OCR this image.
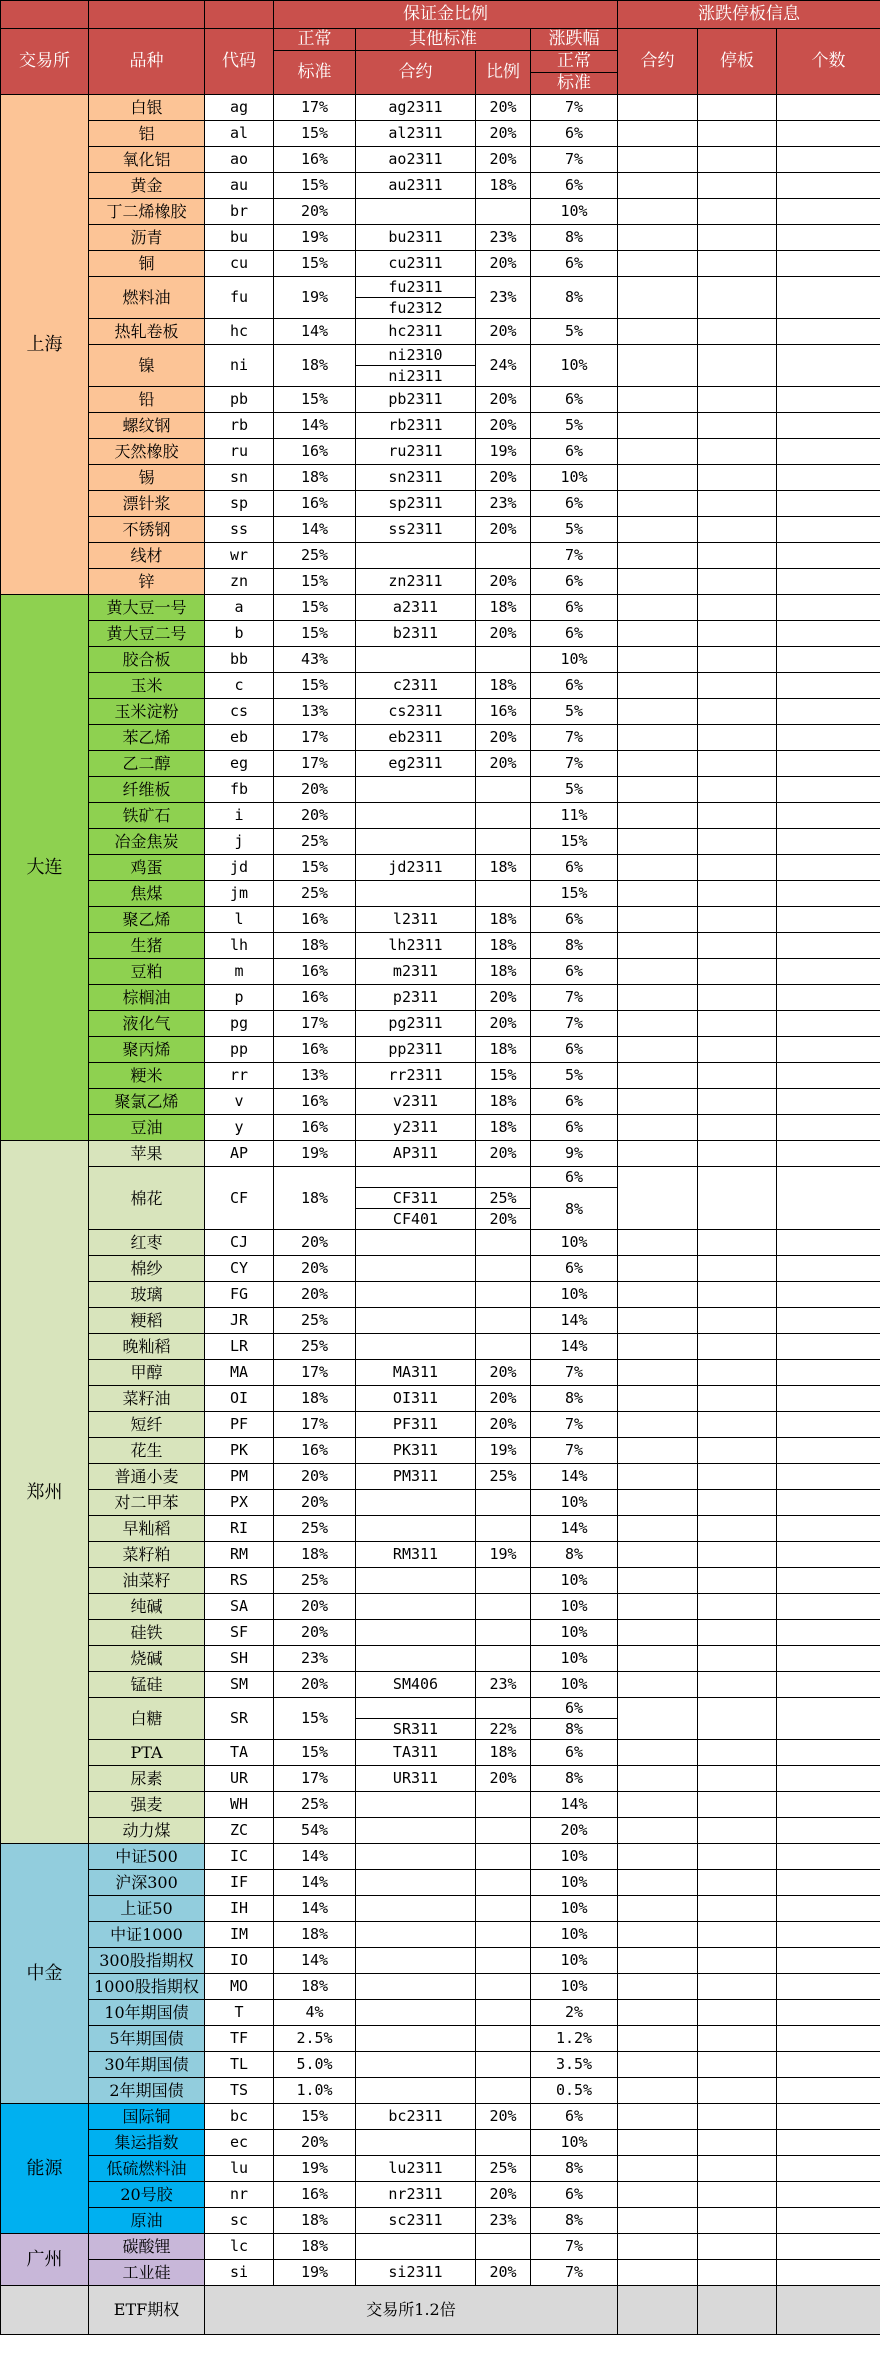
			保证金比例				涨跌停板信息		
交易所	品种	代码	正常	其他标准		涨跌幅	合约	停板	个数
			标准	合约	比例	正常			
						标准			
上海	白银	ag	17%	ag2311	20%	7%			
	铝	al	15%	al2311	20%	6%			
	氧化铝	ao	16%	ao2311	20%	7%			
	黄金	au	15%	au2311	18%	6%			
	丁二烯橡胶	br	20%			10%			
	沥青	bu	19%	bu2311	23%	8%			
	铜	cu	15%	cu2311	20%	6%			
	燃料油	fu	19%	fu2311	23%	8%			
				fu2312					
	热轧卷板	hc	14%	hc2311	20%	5%			
	镍	ni	18%	ni2310	24%	10%			
				ni2311					
	铅	pb	15%	pb2311	20%	6%			
	螺纹钢	rb	14%	rb2311	20%	5%			
	天然橡胶	ru	16%	ru2311	19%	6%			
	锡	sn	18%	sn2311	20%	10%			
	漂针浆	sp	16%	sp2311	23%	6%			
	不锈钢	ss	14%	ss2311	20%	5%			
	线材	wr	25%			7%			
	锌	zn	15%	zn2311	20%	6%			
大连	黄大豆一号	a	15%	a2311	18%	6%			
	黄大豆二号	b	15%	b2311	20%	6%			
	胶合板	bb	43%			10%			
	玉米	c	15%	c2311	18%	6%			
	玉米淀粉	cs	13%	cs2311	16%	5%			
	苯乙烯	eb	17%	eb2311	20%	7%			
	乙二醇	eg	17%	eg2311	20%	7%			
	纤维板	fb	20%			5%			
	铁矿石	i	20%			11%			
	冶金焦炭	j	25%			15%			
	鸡蛋	jd	15%	jd2311	18%	6%			
	焦煤	jm	25%			15%			
	聚乙烯	l	16%	l2311	18%	6%			
	生猪	lh	18%	lh2311	18%	8%			
	豆粕	m	16%	m2311	18%	6%			
	棕榈油	p	16%	p2311	20%	7%			
	液化气	pg	17%	pg2311	20%	7%			
	聚丙烯	pp	16%	pp2311	18%	6%			
	粳米	rr	13%	rr2311	15%	5%			
	聚氯乙烯	v	16%	v2311	18%	6%			
	豆油	y	16%	y2311	18%	6%			
郑州	苹果	AP	19%	AP311	20%	9%			
	棉花	CF	18%			6%			
				CF311	25%	8%			
				CF401	20%				
	红枣	CJ	20%			10%			
	棉纱	CY	20%			6%			
	玻璃	FG	20%			10%			
	粳稻	JR	25%			14%			
	晚籼稻	LR	25%			14%			
	甲醇	MA	17%	MA311	20%	7%			
	菜籽油	OI	18%	OI311	20%	8%			
	短纤	PF	17%	PF311	20%	7%			
	花生	PK	16%	PK311	19%	7%			
	普通小麦	PM	20%	PM311	25%	14%			
	对二甲苯	PX	20%			10%			
	早籼稻	RI	25%			14%			
	菜籽粕	RM	18%	RM311	19%	8%			
	油菜籽	RS	25%			10%			
	纯碱	SA	20%			10%			
	硅铁	SF	20%			10%			
	烧碱	SH	23%			10%			
	锰硅	SM	20%	SM406	23%	10%			
	白糖	SR	15%			6%			
				SR311	22%	8%			
	PTA	TA	15%	TA311	18%	6%			
	尿素	UR	17%	UR311	20%	8%			
	强麦	WH	25%			14%			
	动力煤	ZC	54%			20%			
中金	中证500	IC	14%			10%			
	沪深300	IF	14%			10%			
	上证50	IH	14%			10%			
	中证1000	IM	18%			10%			
	300股指期权	IO	14%			10%			
	1000股指期权	MO	18%			10%			
	10年期国债	T	4%			2%			
	5年期国债	TF	2.5%			1.2%			
	30年期国债	TL	5.0%			3.5%			
	2年期国债	TS	1.0%			0.5%			
能源	国际铜	bc	15%	bc2311	20%	6%			
	集运指数	ec	20%			10%			
	低硫燃料油	lu	19%	lu2311	25%	8%			
	20号胶	nr	16%	nr2311	20%	6%			
	原油	sc	18%	sc2311	23%	8%			
广州	碳酸锂	lc	18%			7%			
	工业硅	si	19%	si2311	20%	7%			
	ETF期权	交易所1.2倍							
